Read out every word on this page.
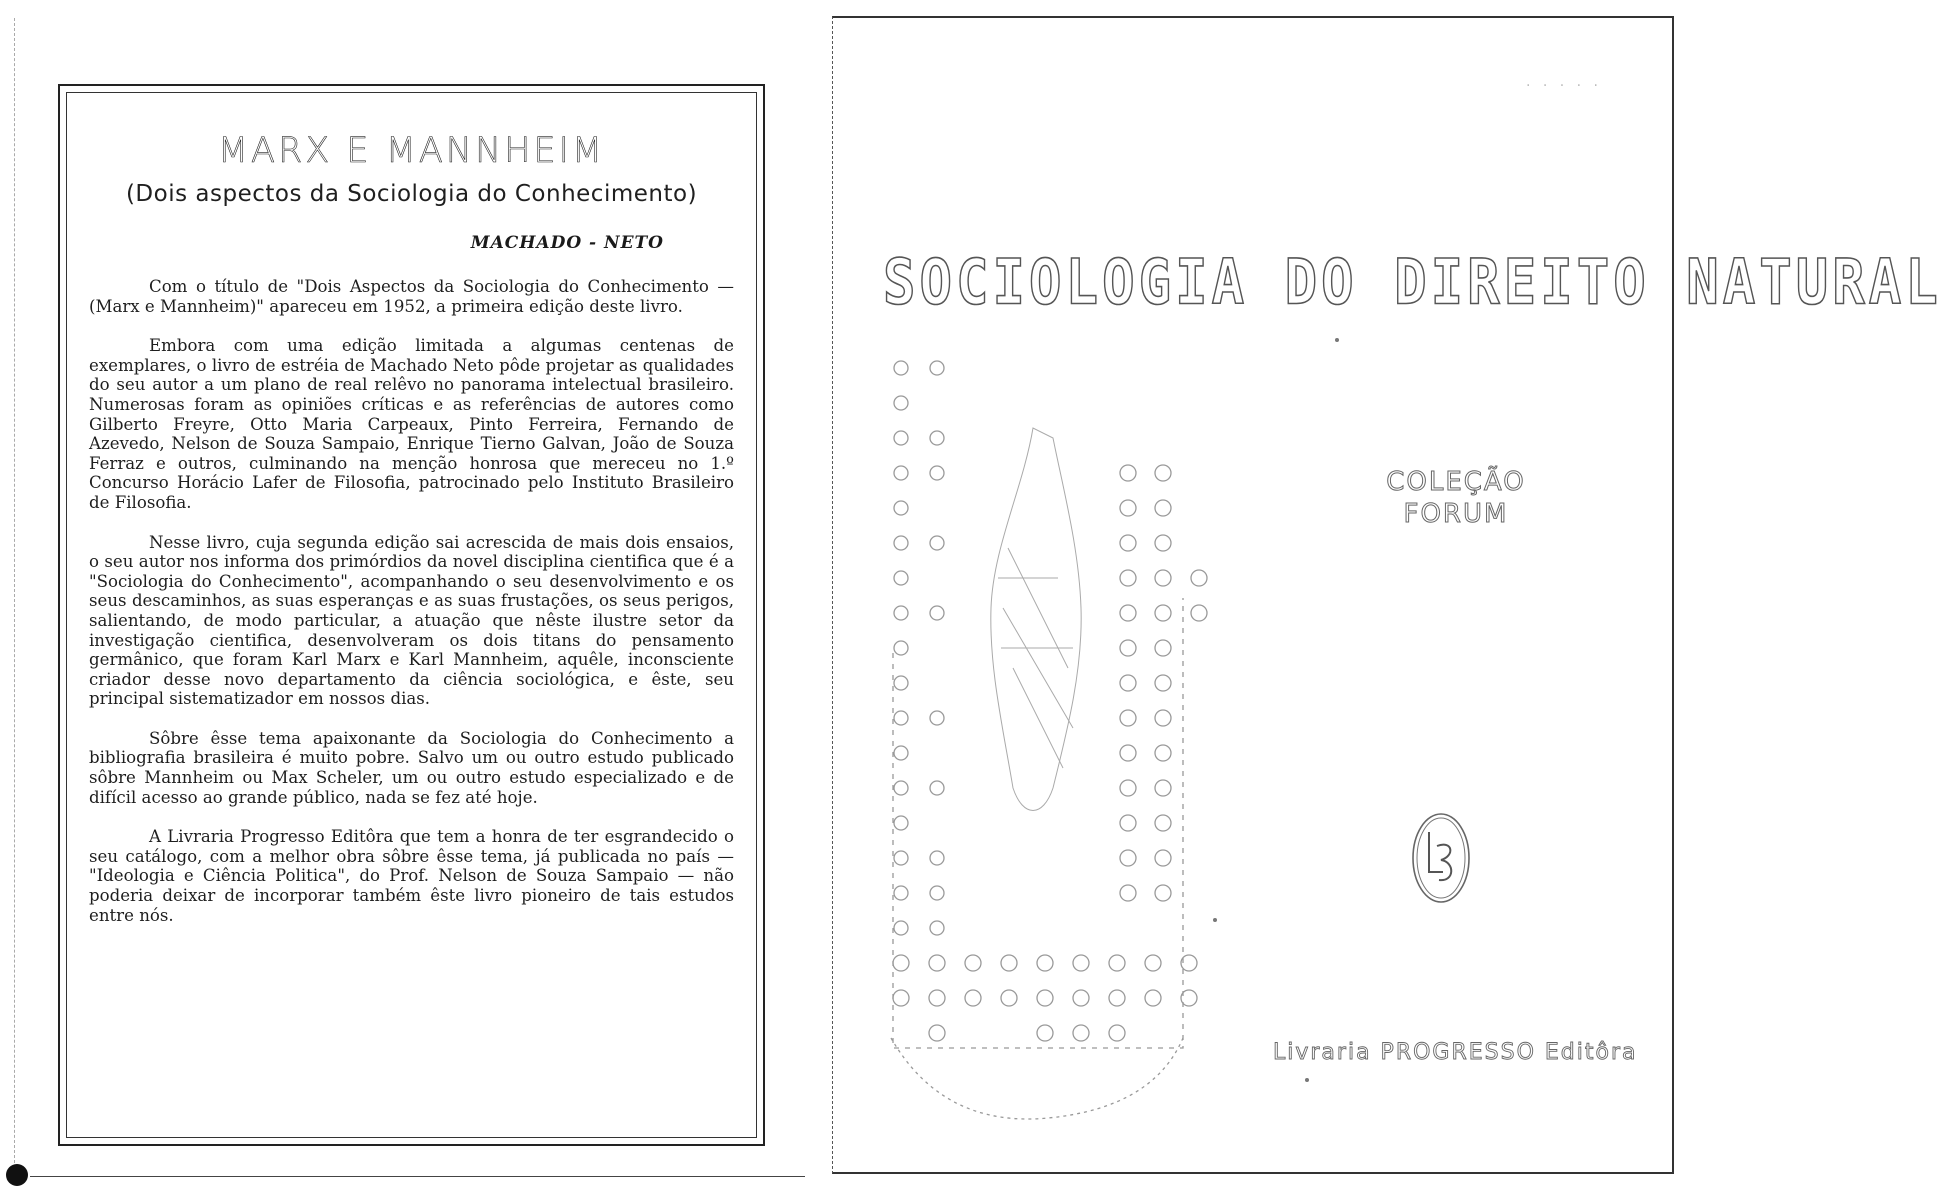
MARX E MANNHEIM
(Dois aspectos da Sociologia do Conhecimento)
MACHADO - NETO

Com o título de "Dois Aspectos da Sociologia do Conhecimento — (Marx e Mannheim)" apareceu em 1952, a primeira edição deste livro.

Embora com uma edição limitada a algumas centenas de exemplares, o livro de estréia de Machado Neto pôde projetar as qualidades do seu autor a um plano de real relêvo no panorama intelectual brasileiro. Numerosas foram as opiniões críticas e as referências de autores como Gilberto Freyre, Otto Maria Carpeaux, Pinto Ferreira, Fernando de Azevedo, Nelson de Souza Sampaio, Enrique Tierno Galvan, João de Souza Ferraz e outros, culminando na menção honrosa que mereceu no 1.º Concurso Horácio Lafer de Filosofia, patrocinado pelo Instituto Brasileiro de Filosofia.

Nesse livro, cuja segunda edição sai acrescida de mais dois ensaios, o seu autor nos informa dos primórdios da novel disciplina cientifica que é a "Sociologia do Conhecimento", acompanhando o seu desenvolvimento e os seus descaminhos, as suas esperanças e as suas frustações, os seus perigos, salientando, de modo particular, a atuação que nêste ilustre setor da investigação cientifica, desenvolveram os dois titans do pensamento germânico, que foram Karl Marx e Karl Mannheim, aquêle, inconsciente criador desse novo departamento da ciência sociológica, e êste, seu principal sistematizador em nossos dias.

Sôbre êsse tema apaixonante da Sociologia do Conhecimento a bibliografia brasileira é muito pobre. Salvo um ou outro estudo publicado sôbre Mannheim ou Max Scheler, um ou outro estudo especializado e de difícil acesso ao grande público, nada se fez até hoje.

A Livraria Progresso Editôra que tem a honra de ter esgrandecido o seu catálogo, com a melhor obra sôbre êsse tema, já publicada no país — "Ideologia e Ciência Politica", do Prof. Nelson de Souza Sampaio — não poderia deixar de incorporar também êste livro pioneiro de tais estudos entre nós.

· · · · ·
SOCIOLOGIA DO DIREITO NATURAL
COLEÇÃO
FORUM
Livraria PROGRESSO Editôra
